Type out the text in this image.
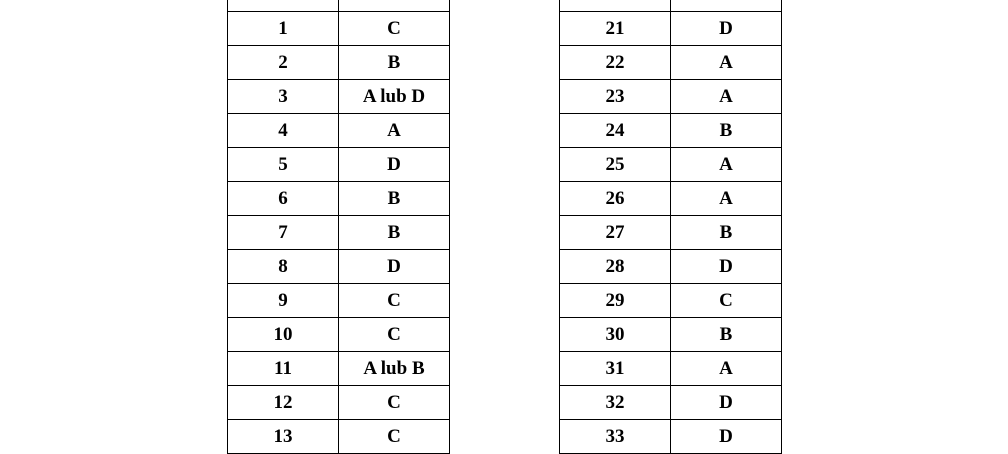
1	C
2	B
3	A lub D
4	A
5	D
6	B
7	B
8	D
9	C
10	C
11	A lub B
12	C
13	C

21	D
22	A
23	A
24	B
25	A
26	A
27	B
28	D
29	C
30	B
31	A
32	D
33	D
